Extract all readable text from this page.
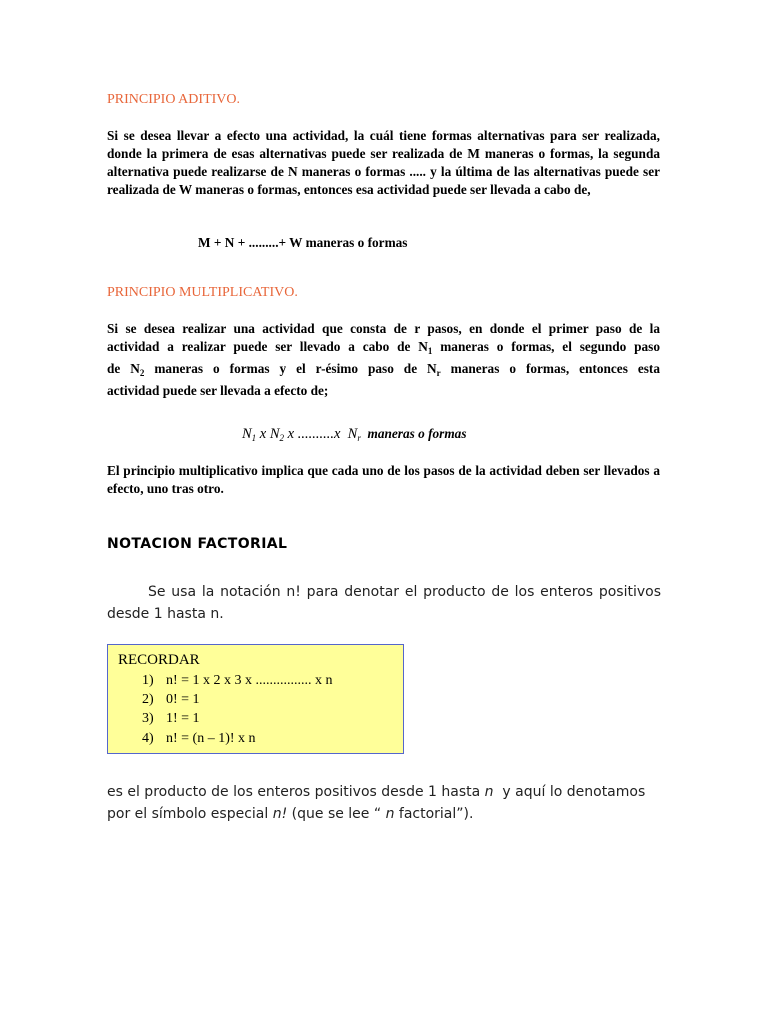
PRINCIPIO ADITIVO.
Si se desea llevar a efecto una actividad, la cuál tiene formas alternativas para ser realizada, donde la primera de esas alternativas puede ser realizada de M maneras o formas, la segunda alternativa puede realizarse de N maneras o formas ..... y la última de las alternativas puede ser realizada de W maneras o formas, entonces esa actividad puede ser llevada a cabo de,
M + N + .........+ W maneras o formas
PRINCIPIO MULTIPLICATIVO.
Si se desea realizar una actividad que consta de r pasos, en donde el primer paso de la
actividad a realizar puede ser llevado a cabo de $N_1$ maneras o formas, el segundo paso
de $N_2$ maneras o formas y el r-ésimo paso de $N_r$ maneras o formas, entonces esta
actividad puede ser llevada a efecto de;
$N_1$ x $N_2$ x ..........x  $N_r$  maneras o formas
El principio multiplicativo implica que cada uno de los pasos de la actividad deben ser llevados a efecto, uno tras otro.
NOTACION FACTORIAL
Se usa la notación n! para denotar el producto de los enteros positivos
desde 1 hasta n.
RECORDAR
1) n! = 1 x 2 x 3 x ................ x n
2) 0! = 1
3) 1! = 1
4) n! = (n – 1)! x n
es el producto de los enteros positivos desde 1 hasta n  y aquí lo denotamos
por el símbolo especial n! (que se lee “ n factorial”).
